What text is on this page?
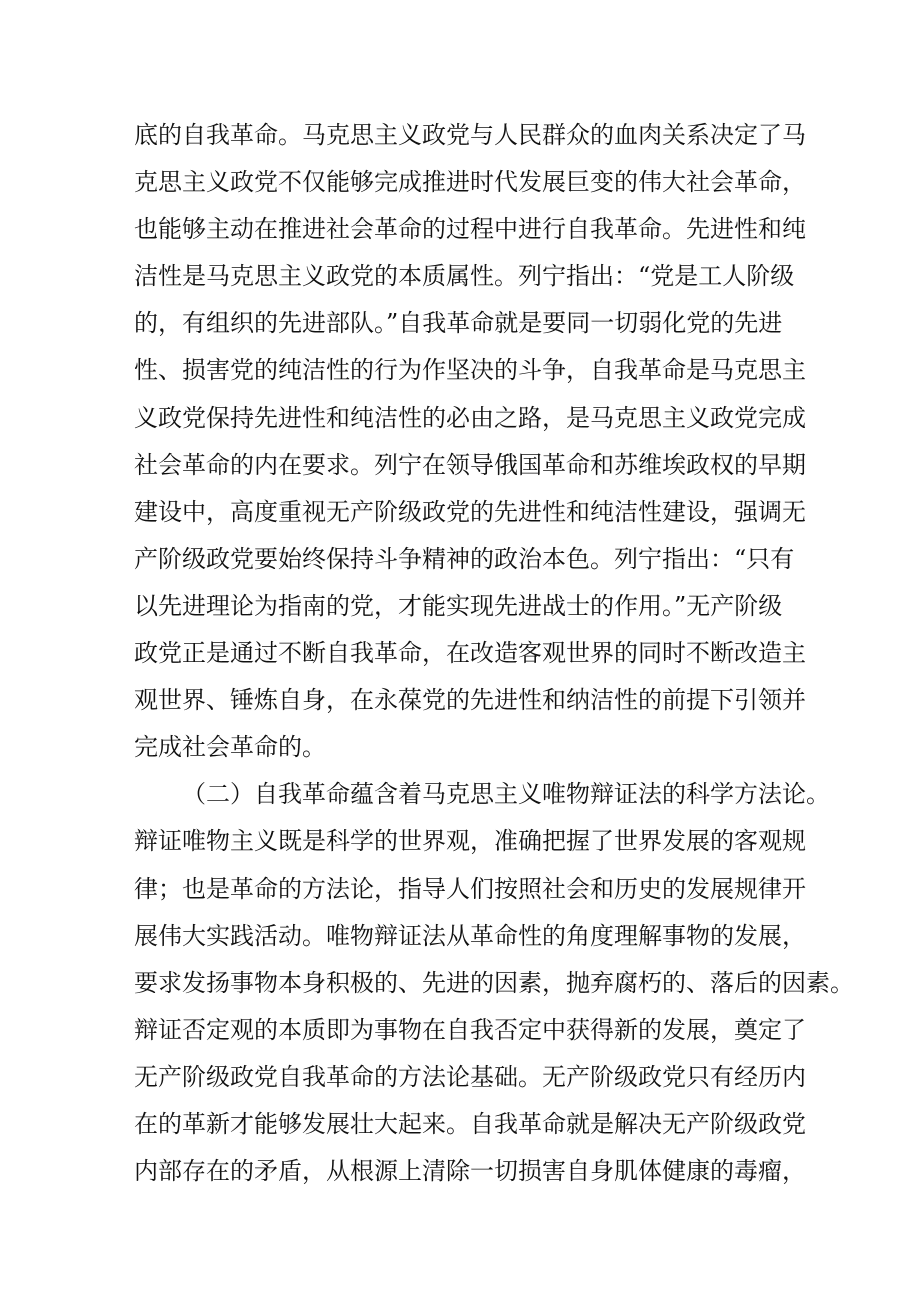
底的自我革命。马克思主义政党与人民群众的血肉关系决定了马
克思主义政党不仅能够完成推进时代发展巨变的伟大社会革命，
也能够主动在推进社会革命的过程中进行自我革命。先进性和纯
洁性是马克思主义政党的本质属性。列宁指出：“党是工人阶级
的，有组织的先进部队。”自我革命就是要同一切弱化党的先进
性、损害党的纯洁性的行为作坚决的斗争，自我革命是马克思主
义政党保持先进性和纯洁性的必由之路，是马克思主义政党完成
社会革命的内在要求。列宁在领导俄国革命和苏维埃政权的早期
建设中，高度重视无产阶级政党的先进性和纯洁性建设，强调无
产阶级政党要始终保持斗争精神的政治本色。列宁指出：“只有
以先进理论为指南的党，才能实现先进战士的作用。”无产阶级
政党正是通过不断自我革命，在改造客观世界的同时不断改造主
观世界、锤炼自身，在永葆党的先进性和纳洁性的前提下引领并
完成社会革命的。
（二）自我革命蕴含着马克思主义唯物辩证法的科学方法论。
辩证唯物主义既是科学的世界观，准确把握了世界发展的客观规
律；也是革命的方法论，指导人们按照社会和历史的发展规律开
展伟大实践活动。唯物辩证法从革命性的角度理解事物的发展，
要求发扬事物本身积极的、先进的因素，抛弃腐朽的、落后的因素。
辩证否定观的本质即为事物在自我否定中获得新的发展，奠定了
无产阶级政党自我革命的方法论基础。无产阶级政党只有经历内
在的革新才能够发展壮大起来。自我革命就是解决无产阶级政党
内部存在的矛盾，从根源上清除一切损害自身肌体健康的毒瘤，
